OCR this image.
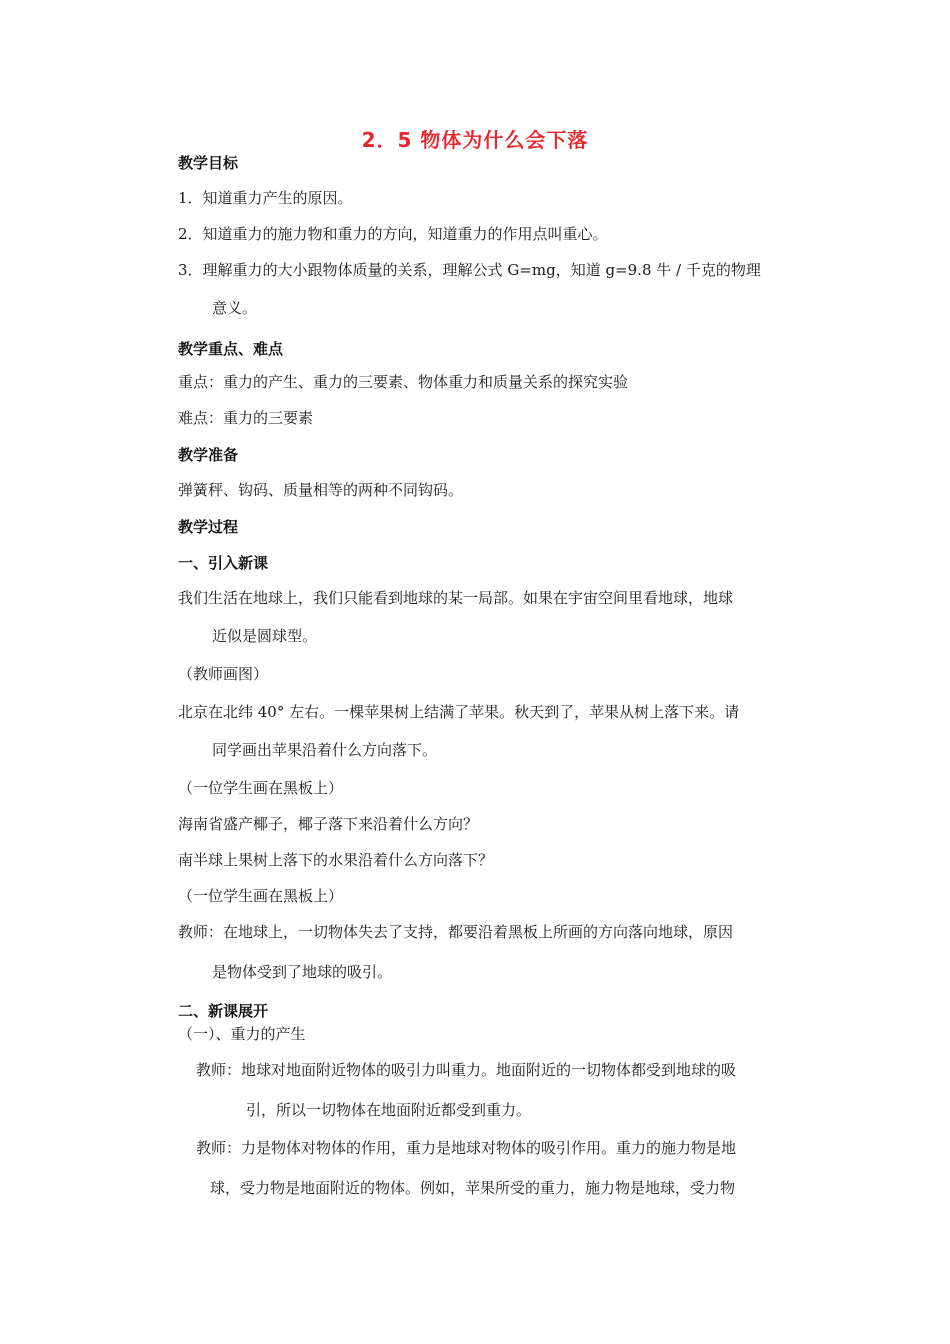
2．5 物体为什么会下落
教学目标
1．知道重力产生的原因。
2．知道重力的施力物和重力的方向，知道重力的作用点叫重心。
3．理解重力的大小跟物体质量的关系，理解公式 G=mg，知道 g=9.8 牛 / 千克的物理
意义。
教学重点、难点
重点：重力的产生、重力的三要素、物体重力和质量关系的探究实验
难点：重力的三要素
教学准备
弹簧秤、钩码、质量相等的两种不同钩码。
教学过程
一、引入新课
我们生活在地球上，我们只能看到地球的某一局部。如果在宇宙空间里看地球，地球
近似是圆球型。
（教师画图）
北京在北纬 40° 左右。一棵苹果树上结满了苹果。秋天到了，苹果从树上落下来。请
同学画出苹果沿着什么方向落下。
（一位学生画在黑板上）
海南省盛产椰子，椰子落下来沿着什么方向？
南半球上果树上落下的水果沿着什么方向落下？
（一位学生画在黑板上）
教师：在地球上，一切物体失去了支持，都要沿着黑板上所画的方向落向地球，原因
是物体受到了地球的吸引。
二、新课展开
（一）、重力的产生
教师：地球对地面附近物体的吸引力叫重力。地面附近的一切物体都受到地球的吸
引，所以一切物体在地面附近都受到重力。
教师：力是物体对物体的作用，重力是地球对物体的吸引作用。重力的施力物是地
球，受力物是地面附近的物体。例如，苹果所受的重力，施力物是地球，受力物
